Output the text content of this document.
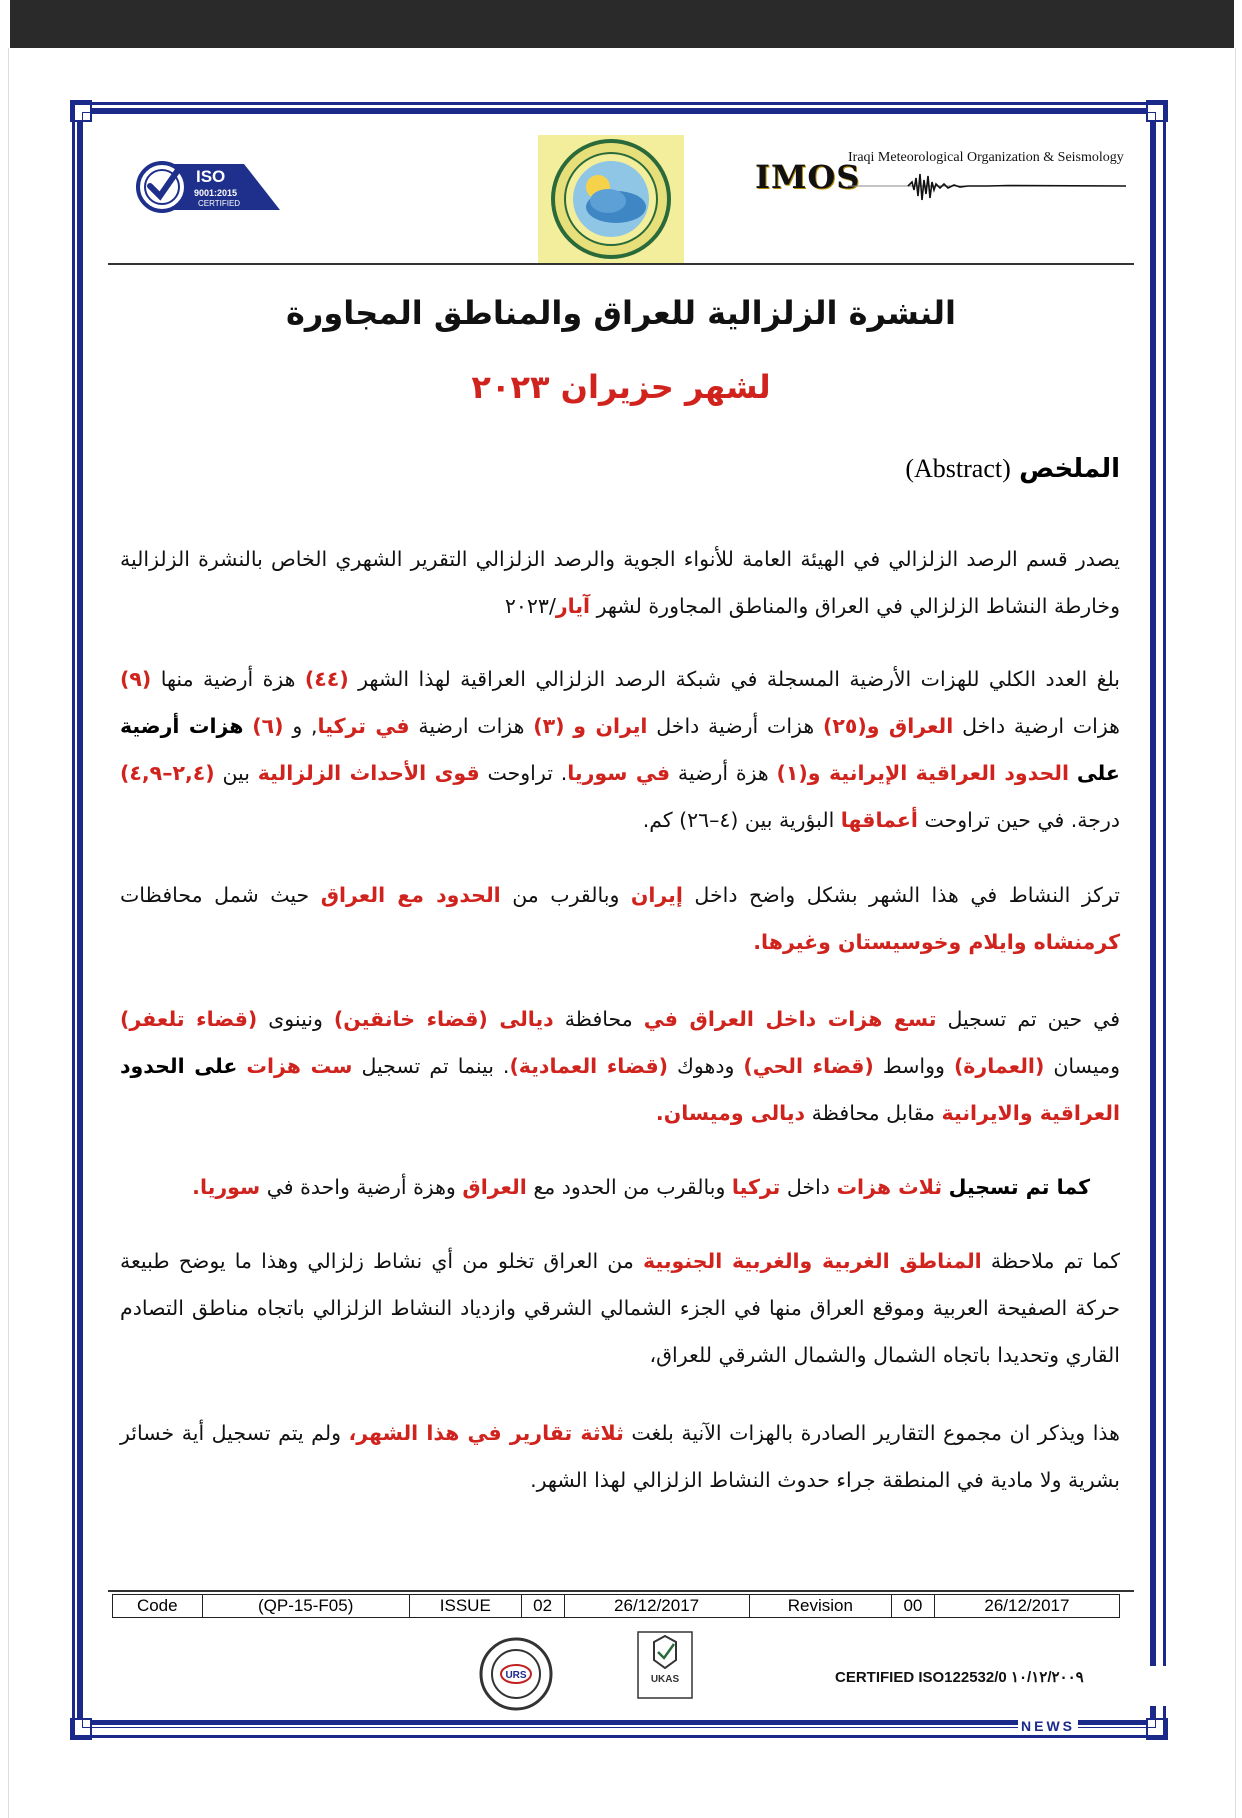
ISO
9001:2015
CERTIFIED
IMOS
Iraqi Meteorological Organization & Seismology
النشرة الزلزالية للعراق والمناطق المجاورة
لشهر حزيران ٢٠٢٣
الملخص (Abstract)
يصدر قسم الرصد الزلزالي في الهيئة العامة للأنواء الجوية والرصد الزلزالي التقرير الشهري الخاص بالنشرة الزلزالية وخارطة النشاط الزلزالي في العراق والمناطق المجاورة لشهر آيار/٢٠٢٣
بلغ العدد الكلي للهزات الأرضية المسجلة في شبكة الرصد الزلزالي العراقية لهذا الشهر (٤٤) هزة أرضية منها (٩) هزات ارضية داخل العراق و(٢٥) هزات أرضية داخل ايران و (٣) هزات ارضية في تركيا, و (٦) هزات أرضية على الحدود العراقية الإيرانية و(١) هزة أرضية في سوريا. تراوحت قوى الأحداث الزلزالية بين (٢,٤–٤,٩) درجة. في حين تراوحت أعماقها البؤرية بين (٤–٢٦) كم.
تركز النشاط في هذا الشهر بشكل واضح داخل إيران وبالقرب من الحدود مع العراق حيث شمل محافظات كرمنشاه وايلام وخوسيستان وغيرها.
في حين تم تسجيل تسع هزات داخل العراق في محافظة ديالى (قضاء خانقين) ونينوى (قضاء تلعفر) وميسان (العمارة) وواسط (قضاء الحي) ودهوك (قضاء العمادية). بينما تم تسجيل ست هزات على الحدود العراقية والايرانية مقابل محافظة ديالى وميسان.
كما تم تسجيل ثلاث هزات داخل تركيا وبالقرب من الحدود مع العراق وهزة أرضية واحدة في سوريا.
كما تم ملاحظة المناطق الغربية والغربية الجنوبية من العراق تخلو من أي نشاط زلزالي وهذا ما يوضح طبيعة حركة الصفيحة العربية وموقع العراق منها في الجزء الشمالي الشرقي وازدياد النشاط الزلزالي باتجاه مناطق التصادم القاري وتحديدا باتجاه الشمال والشمال الشرقي للعراق،
هذا ويذكر ان مجموع التقارير الصادرة بالهزات الآنية بلغت ثلاثة تقارير في هذا الشهر، ولم يتم تسجيل أية خسائر بشرية ولا مادية في المنطقة جراء حدوث النشاط الزلزالي لهذا الشهر.
Code	(QP-15-F05)	ISSUE	02	26/12/2017	Revision	00	26/12/2017
URS	UKAS	CERTIFIED ISO122532/0 ١٠/١٢/٢٠٠٩
NEWS
